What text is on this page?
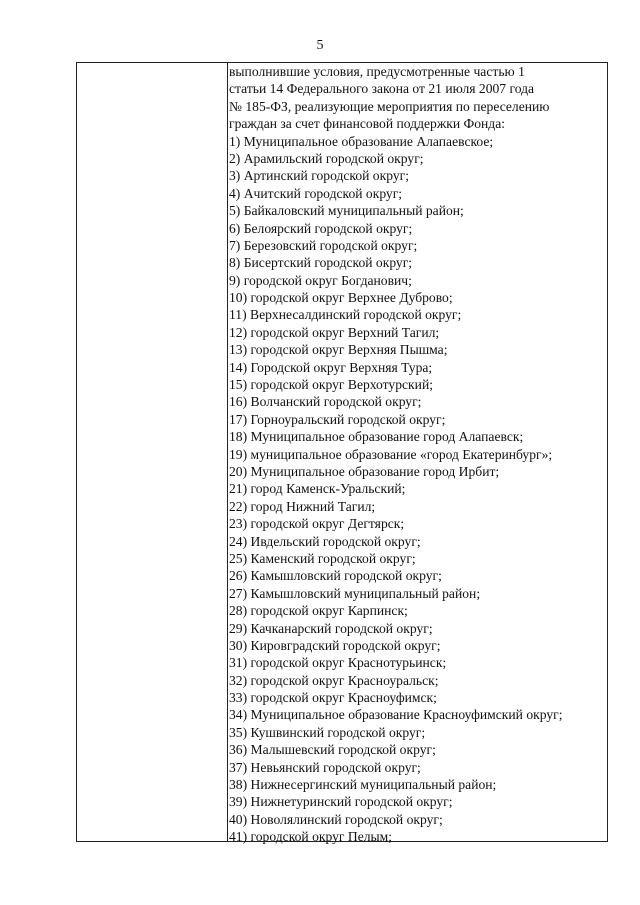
5
выполнившие условия, предусмотренные частью 1
статьи 14 Федерального закона от 21 июля 2007 года
№ 185-ФЗ, реализующие мероприятия по переселению
граждан за счет финансовой поддержки Фонда:
1) Муниципальное образование Алапаевское;
2) Арамильский городской округ;
3) Артинский городской округ;
4) Ачитский городской округ;
5) Байкаловский муниципальный район;
6) Белоярский городской округ;
7) Березовский городской округ;
8) Бисертский городской округ;
9) городской округ Богданович;
10) городской округ Верхнее Дуброво;
11) Верхнесалдинский городской округ;
12) городской округ Верхний Тагил;
13) городской округ Верхняя Пышма;
14) Городской округ Верхняя Тура;
15) городской округ Верхотурский;
16) Волчанский городской округ;
17) Горноуральский городской округ;
18) Муниципальное образование город Алапаевск;
19) муниципальное образование «город Екатеринбург»;
20) Муниципальное образование город Ирбит;
21) город Каменск-Уральский;
22) город Нижний Тагил;
23) городской округ Дегтярск;
24) Ивдельский городской округ;
25) Каменский городской округ;
26) Камышловский городской округ;
27) Камышловский муниципальный район;
28) городской округ Карпинск;
29) Качканарский городской округ;
30) Кировградский городской округ;
31) городской округ Краснотурьинск;
32) городской округ Красноуральск;
33) городской округ Красноуфимск;
34) Муниципальное образование Красноуфимский округ;
35) Кушвинский городской округ;
36) Малышевский городской округ;
37) Невьянский городской округ;
38) Нижнесергинский муниципальный район;
39) Нижнетуринский городской округ;
40) Новолялинский городской округ;
41) городской округ Пелым;
